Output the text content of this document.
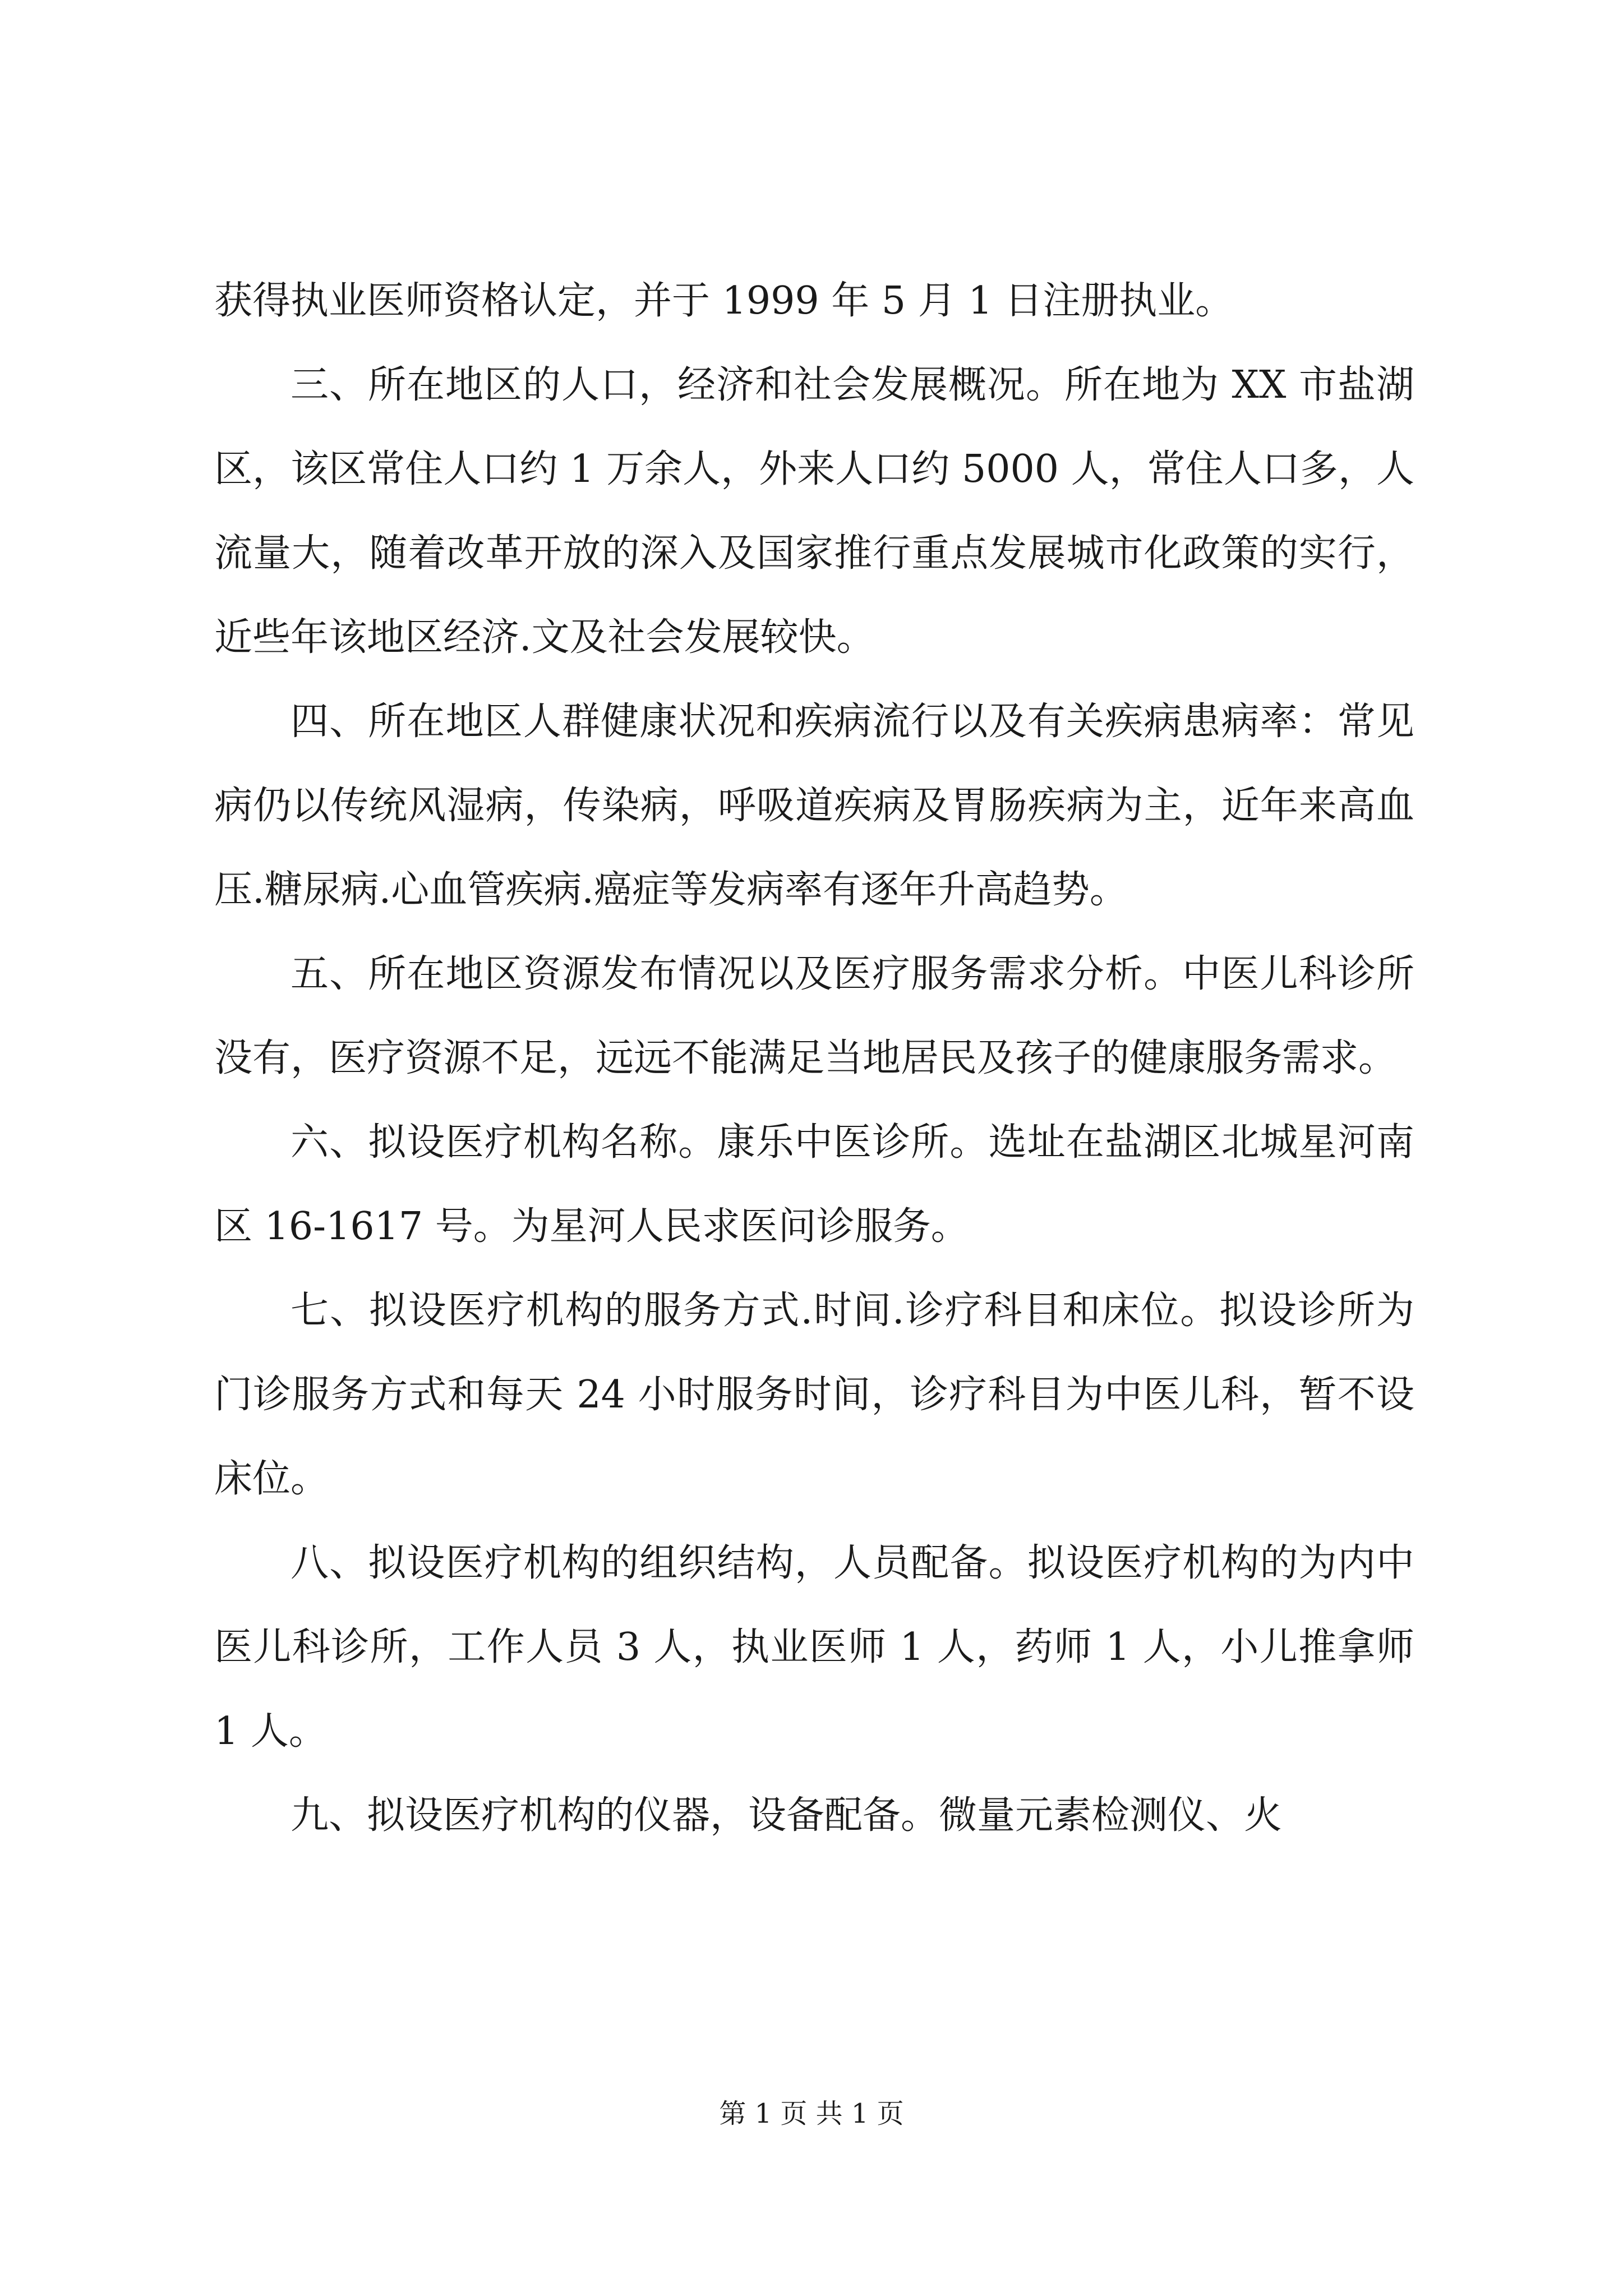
获得执业医师资格认定，并于 1999 年 5 月 1 日注册执业。

三、所在地区的人口，经济和社会发展概况。所在地为 XX 市盐湖区，该区常住人口约 1 万余人，外来人口约 5000 人，常住人口多，人流量大，随着改革开放的深入及国家推行重点发展城市化政策的实行，近些年该地区经济.文及社会发展较快。

四、所在地区人群健康状况和疾病流行以及有关疾病患病率：常见病仍以传统风湿病，传染病，呼吸道疾病及胃肠疾病为主，近年来高血压.糖尿病.心血管疾病.癌症等发病率有逐年升高趋势。

五、所在地区资源发布情况以及医疗服务需求分析。中医儿科诊所没有，医疗资源不足，远远不能满足当地居民及孩子的健康服务需求。

六、拟设医疗机构名称。康乐中医诊所。选址在盐湖区北城星河南区 16-1617 号。为星河人民求医问诊服务。

七、拟设医疗机构的服务方式.时间.诊疗科目和床位。拟设诊所为门诊服务方式和每天 24 小时服务时间，诊疗科目为中医儿科，暂不设床位。

八、拟设医疗机构的组织结构，人员配备。拟设医疗机构的为内中医儿科诊所，工作人员 3 人，执业医师 1 人，药师 1 人，小儿推拿师 1 人。

九、拟设医疗机构的仪器，设备配备。微量元素检测仪、火

第 1 页 共 1 页
